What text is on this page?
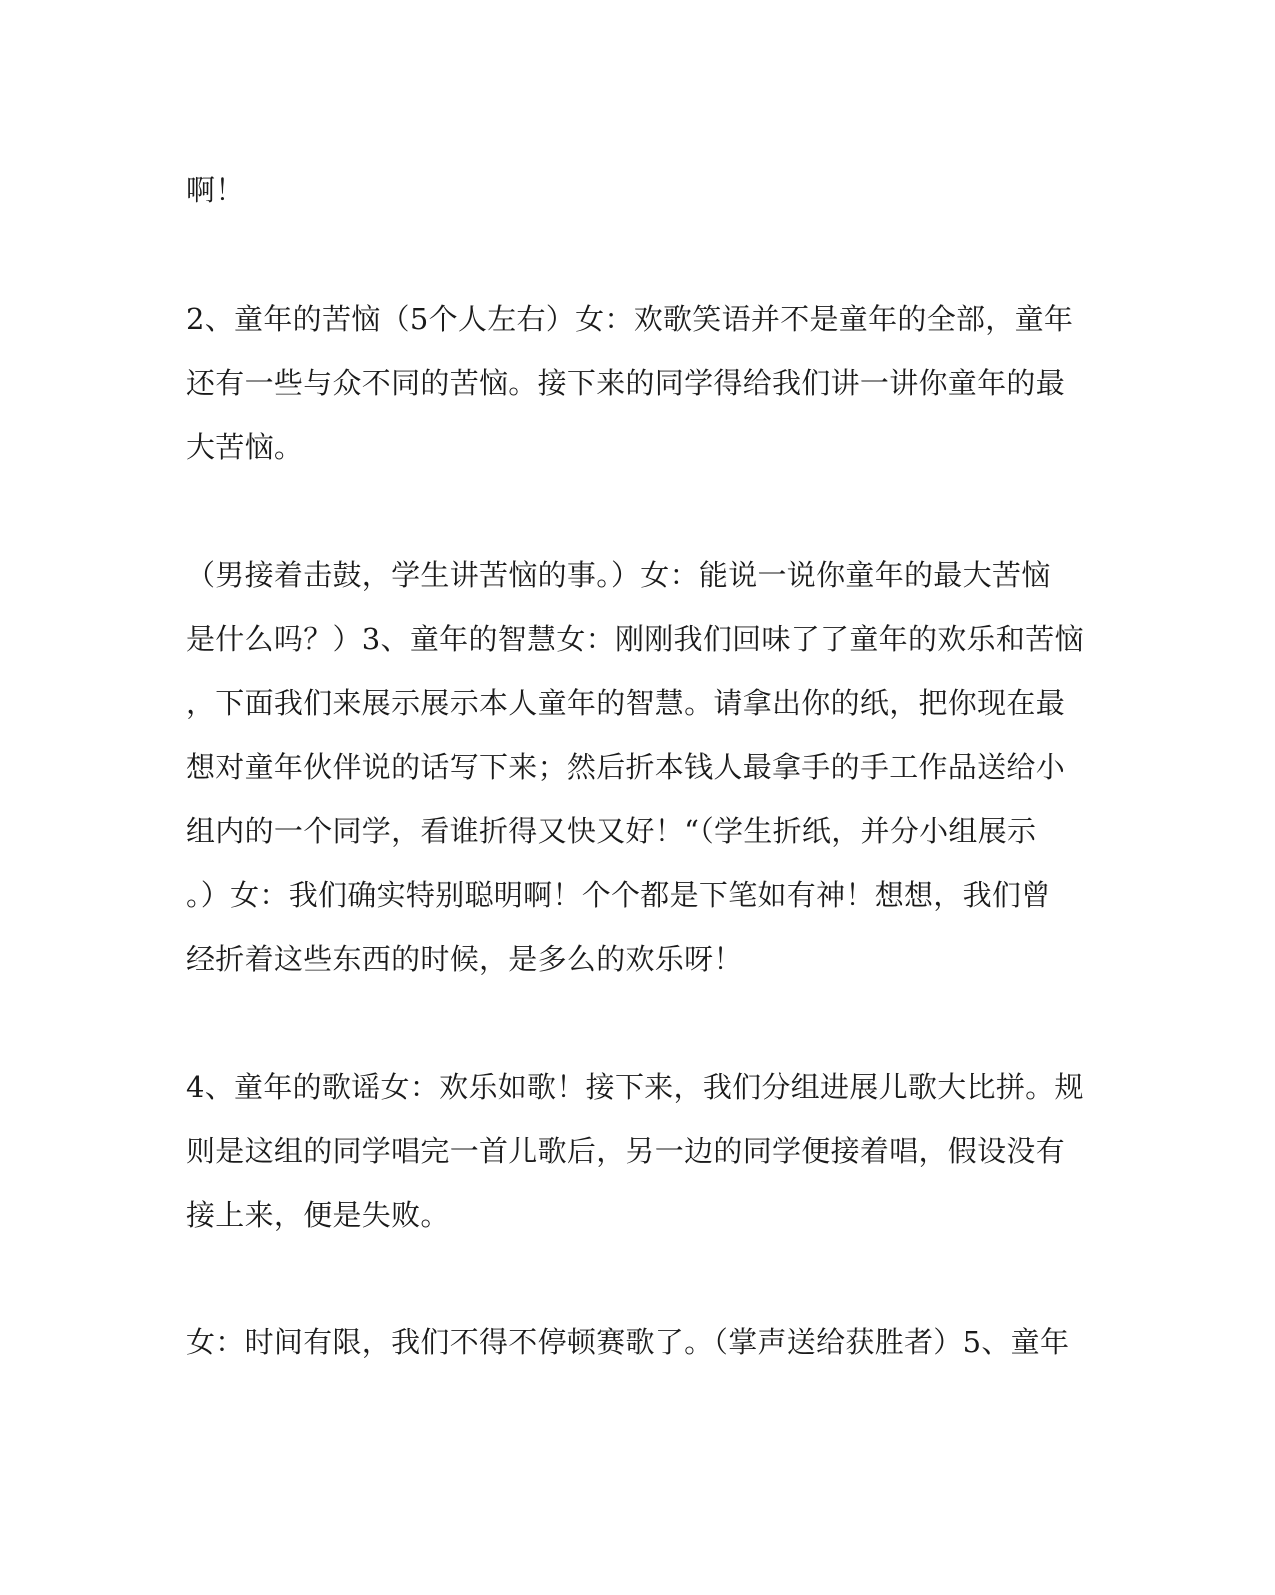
啊！

2、童年的苦恼（5个人左右）女：欢歌笑语并不是童年的全部，童年
还有一些与众不同的苦恼。接下来的同学得给我们讲一讲你童年的最
大苦恼。

（男接着击鼓，学生讲苦恼的事。）女：能说一说你童年的最大苦恼
是什么吗？）3、童年的智慧女：刚刚我们回味了了童年的欢乐和苦恼
，下面我们来展示展示本人童年的智慧。请拿出你的纸，把你现在最
想对童年伙伴说的话写下来；然后折本钱人最拿手的手工作品送给小
组内的一个同学，看谁折得又快又好！“（学生折纸，并分小组展示
。）女：我们确实特别聪明啊！个个都是下笔如有神！想想，我们曾
经折着这些东西的时候，是多么的欢乐呀！

4、童年的歌谣女：欢乐如歌！接下来，我们分组进展儿歌大比拼。规
则是这组的同学唱完一首儿歌后，另一边的同学便接着唱，假设没有
接上来，便是失败。

女：时间有限，我们不得不停顿赛歌了。（掌声送给获胜者）5、童年
